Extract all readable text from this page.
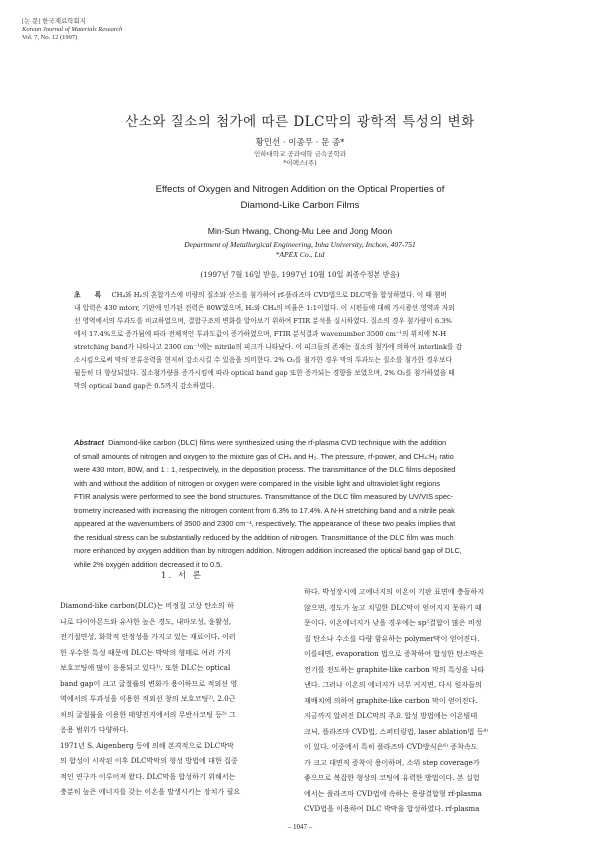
[논 문] 한국재료학회지
Korean Journal of Materials Research
Vol. 7, No. 12 (1997)
산소와 질소의 첨가에 따른 DLC막의 광학적 특성의 변화
황민선 · 이종무 · 문 종*
인하대학교 공과대학 금속공학과
*아펙스(주)
Effects of Oxygen and Nitrogen Addition on the Optical Properties of
Diamond-Like Carbon Films
Min-Sun Hwang, Chong-Mu Lee and Jong Moon
Department of Metallurgical Engineering, Inha University, Inchon, 407-751
*APEX Co., Ltd
(1997년 7월 16일 받음, 1997년 10월 10일 최종수정본 받음)
초 록 CH₄와 H₂의 혼합가스에 미량의 질소와 산소를 첨가하여 rf-플라즈마 CVD법으로 DLC막을 합성하였다. 이 때 챔버
내 압력은 430 mtorr, 기판에 인가된 전력은 80W였으며, H₂와 CH₄의 비율은 1:1이었다. 이 시편들에 대해 가시광선 영역과 자외
선 영역에서의 투과도를 비교하였으며, 결합구조의 변화를 알아보기 위하여 FTIR 분석을 실시하였다. 질소의 경우 첨가량이 6.3%
에서 17.4%으로 증가됨에 따라 전체적인 투과도값이 증가하였으며, FTIR 분석결과 wavenumber 3500 cm⁻¹의 위치에 N-H
stretching band가 나타나고 2300 cm⁻¹에는 nitrile의 피크가 나타났다. 이 피크들의 존재는 질소의 첨가에 의하여 interlink를 감
소시킴으로써 막의 잔류응력을 현저히 감소시킬 수 있음을 의미한다. 2% O₂를 첨가한 경우 막의 투과도는 질소를 첨가한 경우보다
월등히 더 향상되었다. 질소첨가량을 증가시킴에 따라 optical band gap 또한 증가되는 경향을 보였으며, 2% O₂를 첨가하였을 때
막의 optical band gap은 0.5까지 감소하였다.
Abstract Diamond-like carbon (DLC) films were synthesized using the rf-plasma CVD technique with the addition
of small amounts of nitrogen and oxygen to the mixture gas of CH₄ and H₂. The pressure, rf-power, and CH₄:H₂ ratio
were 430 mtorr, 80W, and 1 : 1, respectively, in the deposition process. The transmittance of the DLC films deposited
with and without the addition of nitrogen or oxygen were compared in the visible light and ultraviolet light regions
FTIR analysis were performed to see the bond structures. Transmittance of the DLC film measured by UV/VIS spec-
trometry increased with increasing the nitrogen content from 6.3% to 17.4%. A N-H stretching band and a nitrile peak
appeared at the wavenumbers of 3500 and 2300 cm⁻¹, respectively. The appearance of these two peaks implies that
the residual stress can be substantially reduced by the addition of nitrogen. Transmittance of the DLC film was much
more enhanced by oxygen addition than by nitrogen addition. Nitrogen addition increased the optical band gap of DLC,
while 2% oxygen addition decreased it to 0.5.
1. 서 론
Diamond-like carbon(DLC)는 비정질 고상 탄소의 하
나로 다이아몬드와 유사한 높은 경도, 내마모성, 윤활성,
전기절연성, 화학적 안정성을 가지고 있는 재료이다. 이러
한 우수한 특성 때문에 DLC는 박막의 형태로 여러 가지
보호코팅에 많이 응용되고 있다¹⁾. 또한 DLC는 optical
band gap이 크고 굴절률의 변화가 용이하므로 적외선 영
역에서의 투과성을 이용한 적외선 창의 보호코팅²⁾, 2.0근
처의 굴절률을 이용한 태양전지에서의 무반사코팅 등³⁾ 그
응용 범위가 다양하다.
1971년 S. Aigenberg 등에 의해 본격적으로 DLC박막
의 합성이 시작된 이후 DLC박막의 형성 방법에 대한 집중
적인 연구가 이루어져 왔다. DLC막을 합성하기 위해서는
충분히 높은 에너지를 갖는 이온을 발생시키는 장치가 필요
하다. 박성장시에 고에너지의 이온이 기판 표면에 충돌하지
않으면, 경도가 높고 치밀한 DLC막이 얻어지지 못하기 때
문이다. 이온에너지가 낮을 경우에는 sp²결합이 많은 비정
질 탄소나 수소를 다량 함유하는 polymer막이 얻어진다.
이를테면, evaporation 법으로 증착하여 합성한 탄소막은
전기를 전도하는 graphite-like carbon 막의 특성을 나타
낸다. 그러나 이온의 에너지가 너무 커지면, 다시 원자들의
재배치에 의하여 graphite-like carbon 막이 얻어진다.
지금까지 알려진 DLC막의 주요 합성 방법에는 이온빔테
크닉, 플라즈마 CVD법, 스퍼터링법, laser ablation법 등⁴⁾
이 있다. 이중에서 특히 플라즈마 CVD방식은⁶⁾ 증착속도
가 크고 대면적 증착이 용이하며, 소위 step coverage가
좋으므로 복잡한 형상의 코팅에 유력한 방법이다. 본 실험
에서는 플라즈마 CVD법에 속하는 용량결합형 rf-plasma
CVD법을 이용하여 DLC 박막을 합성하였다. rf-plasma
– 1047 –
